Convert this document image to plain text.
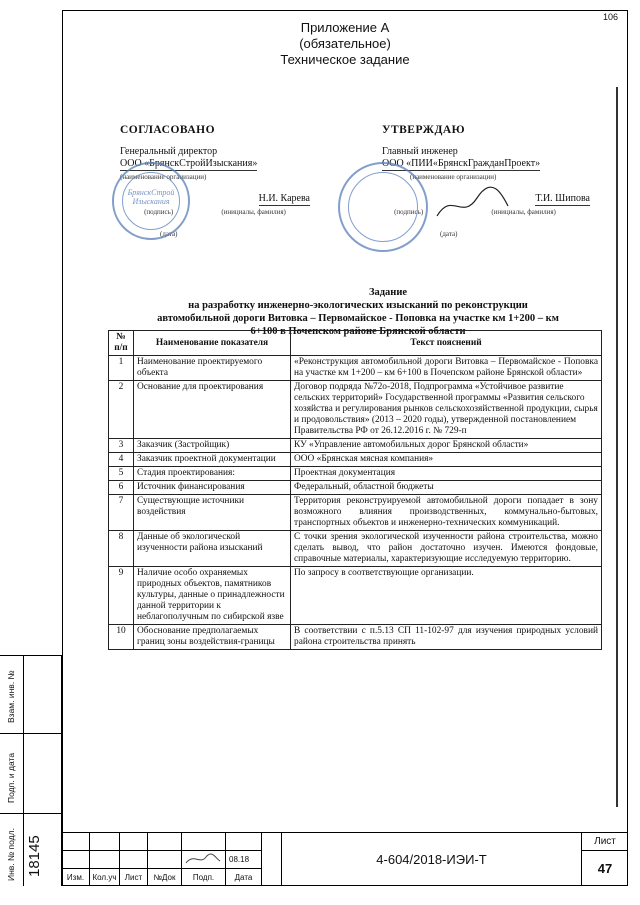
106
Приложение А
(обязательное)
Техническое задание
СОГЛАСОВАНО
Генеральный директор
ООО «БрянскСтройИзыскания»
(наименование организации)
Н.И. Карева
(подпись)	(инициалы, фамилия)
(дата)
БрянскСтрой Изыскания
УТВЕРЖДАЮ
Главный инженер
ООО «ПИИ«БрянскГражданПроект»
(наименование организации)
Т.И. Шипова
(подпись)	(инициалы, фамилия)
(дата)
Задание
на разработку инженерно-экологических изысканий по реконструкции
автомобильной дороги Витовка – Первомайское - Поповка на участке км 1+200 – км
6+100 в Почепском районе Брянской области
№ п/п	Наименование показателя	Текст пояснений
1	Наименование проектируемого объекта	«Реконструкция автомобильной дороги Витовка – Первомайское - Поповка на участке км 1+200 – км 6+100 в Почепском районе Брянской области»
2	Основание для проектирования	Договор подряда №72о-2018, Подпрограмма «Устойчивое развитие сельских территорий» Государственной программы «Развития сельского хозяйства и регулирования рынков сельскохозяйственной продукции, сырья и продовольствия» (2013 – 2020 годы), утвержденной постановлением Правительства РФ от 26.12.2016 г. № 729-п
3	Заказчик (Застройщик)	КУ «Управление автомобильных дорог Брянской области»
4	Заказчик проектной документации	ООО «Брянская мясная компания»
5	Стадия проектирования:	Проектная документация
6	Источник финансирования	Федеральный, областной бюджеты
7	Существующие источники воздействия	Территория реконструируемой автомобильной дороги попадает в зону возможного влияния производственных, коммунально-бытовых, транспортных объектов и инженерно-технических коммуникаций.
8	Данные об экологической изученности района изысканий	С точки зрения экологической изученности района строительства, можно сделать вывод, что район достаточно изучен. Имеются фондовые, справочные материалы, характеризующие исследуемую территорию.
9	Наличие особо охраняемых природных объектов, памятников культуры, данные о принадлежности данной территории к неблагополучным по сибирской язве	По запросу в соответствующие организации.
10	Обоснование предполагаемых границ зоны воздействия-границы	В соответствии с п.5.13 СП 11-102-97 для изучения природных условий района строительства принять
Взам. инв. №
Подп. и дата
Инв. № подл. 18145	08.18
Изм.	Кол.уч	Лист	№Док	Подп.	Дата
4-604/2018-ИЭИ-Т
Лист
47
